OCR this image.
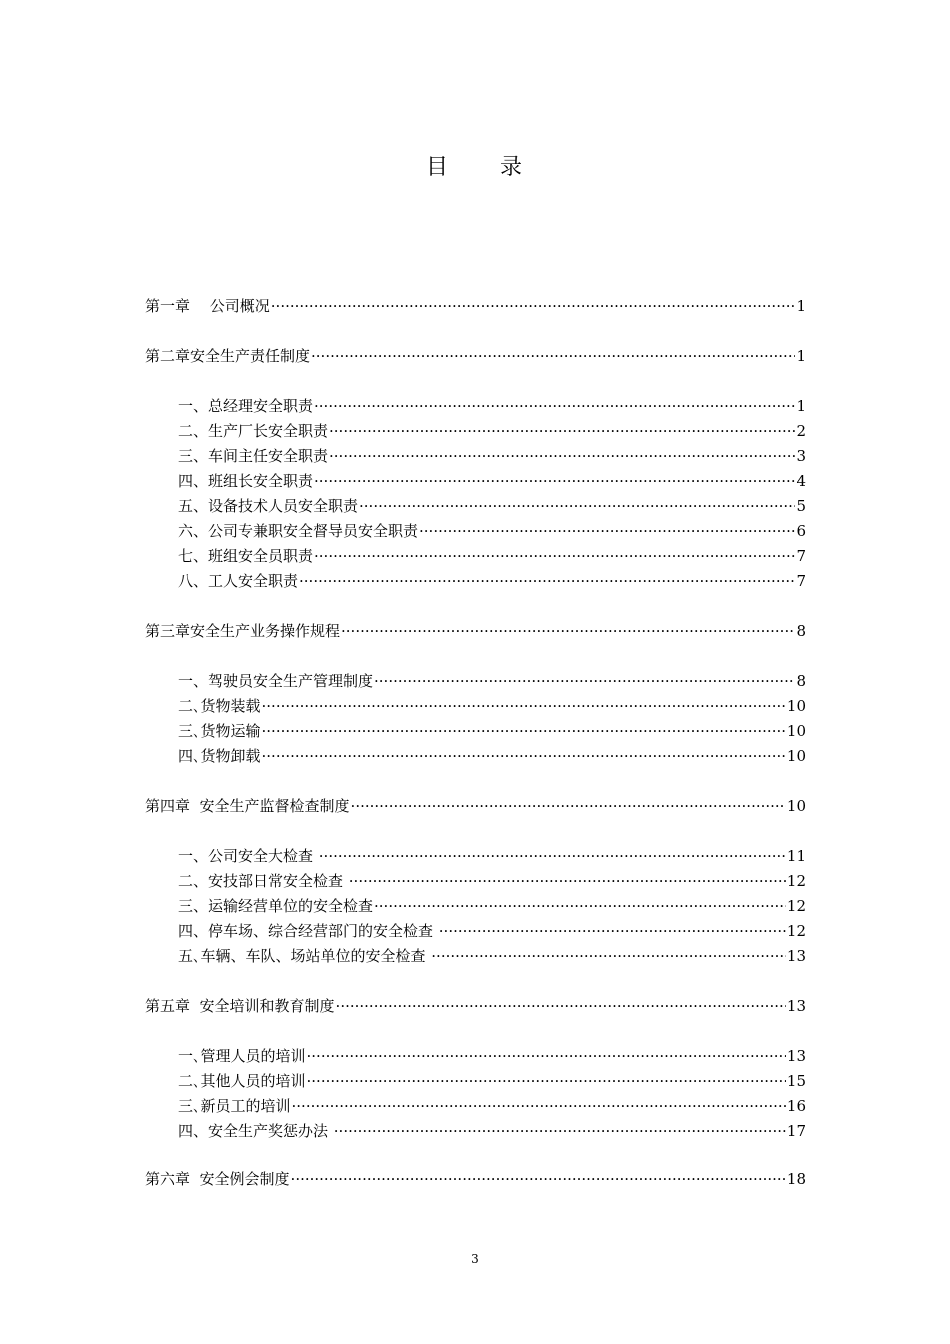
目 录
第一章　 公司概况 ·····	1
第二章安全生产责任制度 ·····	1
一、总经理安全职责 ·····	1
二、生产厂长安全职责 ·····	2
三、车间主任安全职责 ·····	3
四、班组长安全职责 ·····	4
五、设备技术人员安全职责 ·····	5
六、公司专兼职安全督导员安全职责 ·····	6
七、班组安全员职责 ·····	7
八、工人安全职责 ·····	7
第三章安全生产业务操作规程 ·····	8
一、驾驶员安全生产管理制度 ·····	8
二､货物装载 ·····	10
三､货物运输 ·····	10
四､货物卸载 ·····	10
第四章  安全生产监督检查制度 ·····	10
一、公司安全大检查 ·····	11
二、安技部日常安全检查 ·····	12
三、运输经营单位的安全检查 ·····	12
四、停车场、综合经营部门的安全检查 ·····	12
五､车辆、车队、场站单位的安全检查 ·····	13
第五章  安全培训和教育制度 ·····	13
一､管理人员的培训 ·····	13
二､其他人员的培训 ·····	15
三､新员工的培训 ·····	16
四、安全生产奖惩办法 ·····	17
第六章  安全例会制度 ·····	18
3
